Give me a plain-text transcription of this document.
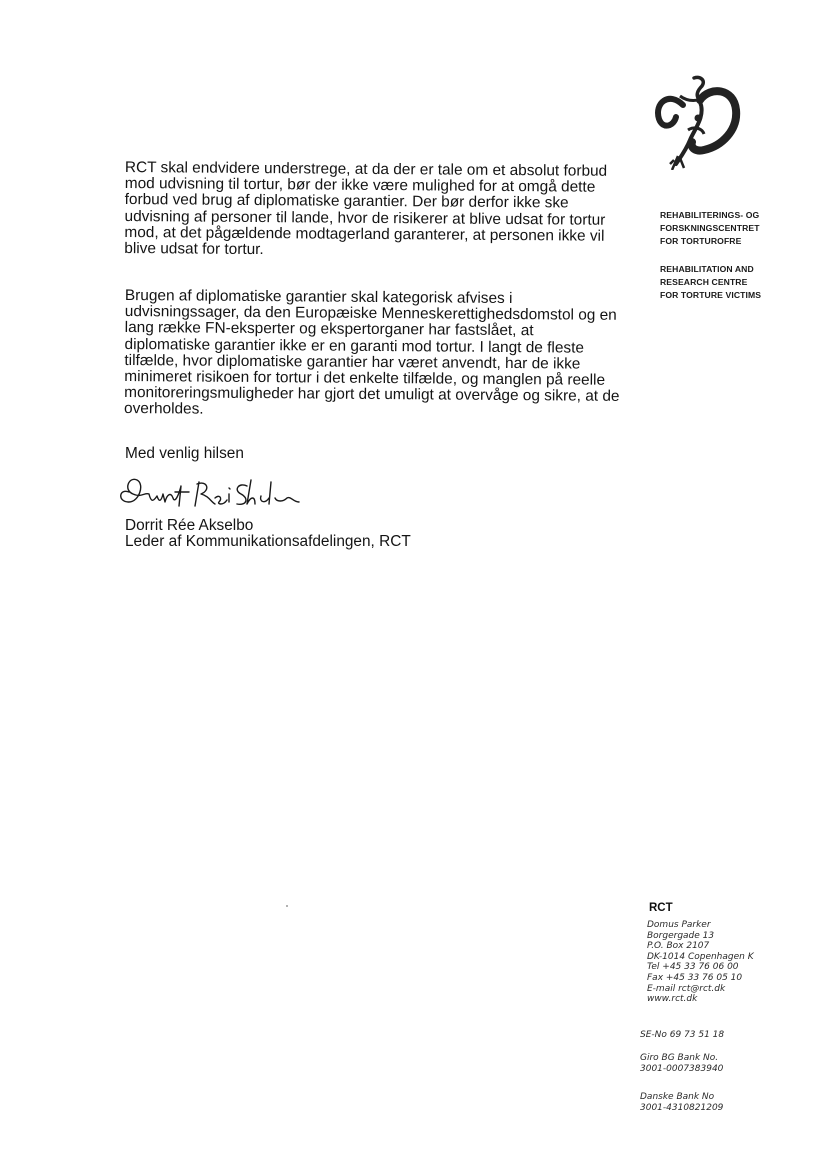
REHABILITERINGS- OG
FORSKNINGSCENTRET
FOR TORTUROFRE

REHABILITATION AND
RESEARCH CENTRE
FOR TORTURE VICTIMS

RCT skal endvidere understrege, at da der er tale om et absolut forbud
mod udvisning til tortur, bør der ikke være mulighed for at omgå dette
forbud ved brug af diplomatiske garantier. Der bør derfor ikke ske
udvisning af personer til lande, hvor de risikerer at blive udsat for tortur
mod, at det pågældende modtagerland garanterer, at personen ikke vil
blive udsat for tortur.

Brugen af diplomatiske garantier skal kategorisk afvises i
udvisningssager, da den Europæiske Menneskerettighedsdomstol og en
lang række FN-eksperter og ekspertorganer har fastslået, at
diplomatiske garantier ikke er en garanti mod tortur. I langt de fleste
tilfælde, hvor diplomatiske garantier har været anvendt, har de ikke
minimeret risikoen for tortur i det enkelte tilfælde, og manglen på reelle
monitoreringsmuligheder har gjort det umuligt at overvåge og sikre, at de
overholdes.

Med venlig hilsen

Dorrit Rée Akselbo
Leder af Kommunikationsafdelingen, RCT

RCT
Domus Parker
Borgergade 13
P.O. Box 2107
DK-1014 Copenhagen K
Tel +45 33 76 06 00
Fax +45 33 76 05 10
E-mail rct@rct.dk
www.rct.dk
SE-No 69 73 51 18
Giro BG Bank No.
3001-0007383940
Danske Bank No
3001-4310821209
